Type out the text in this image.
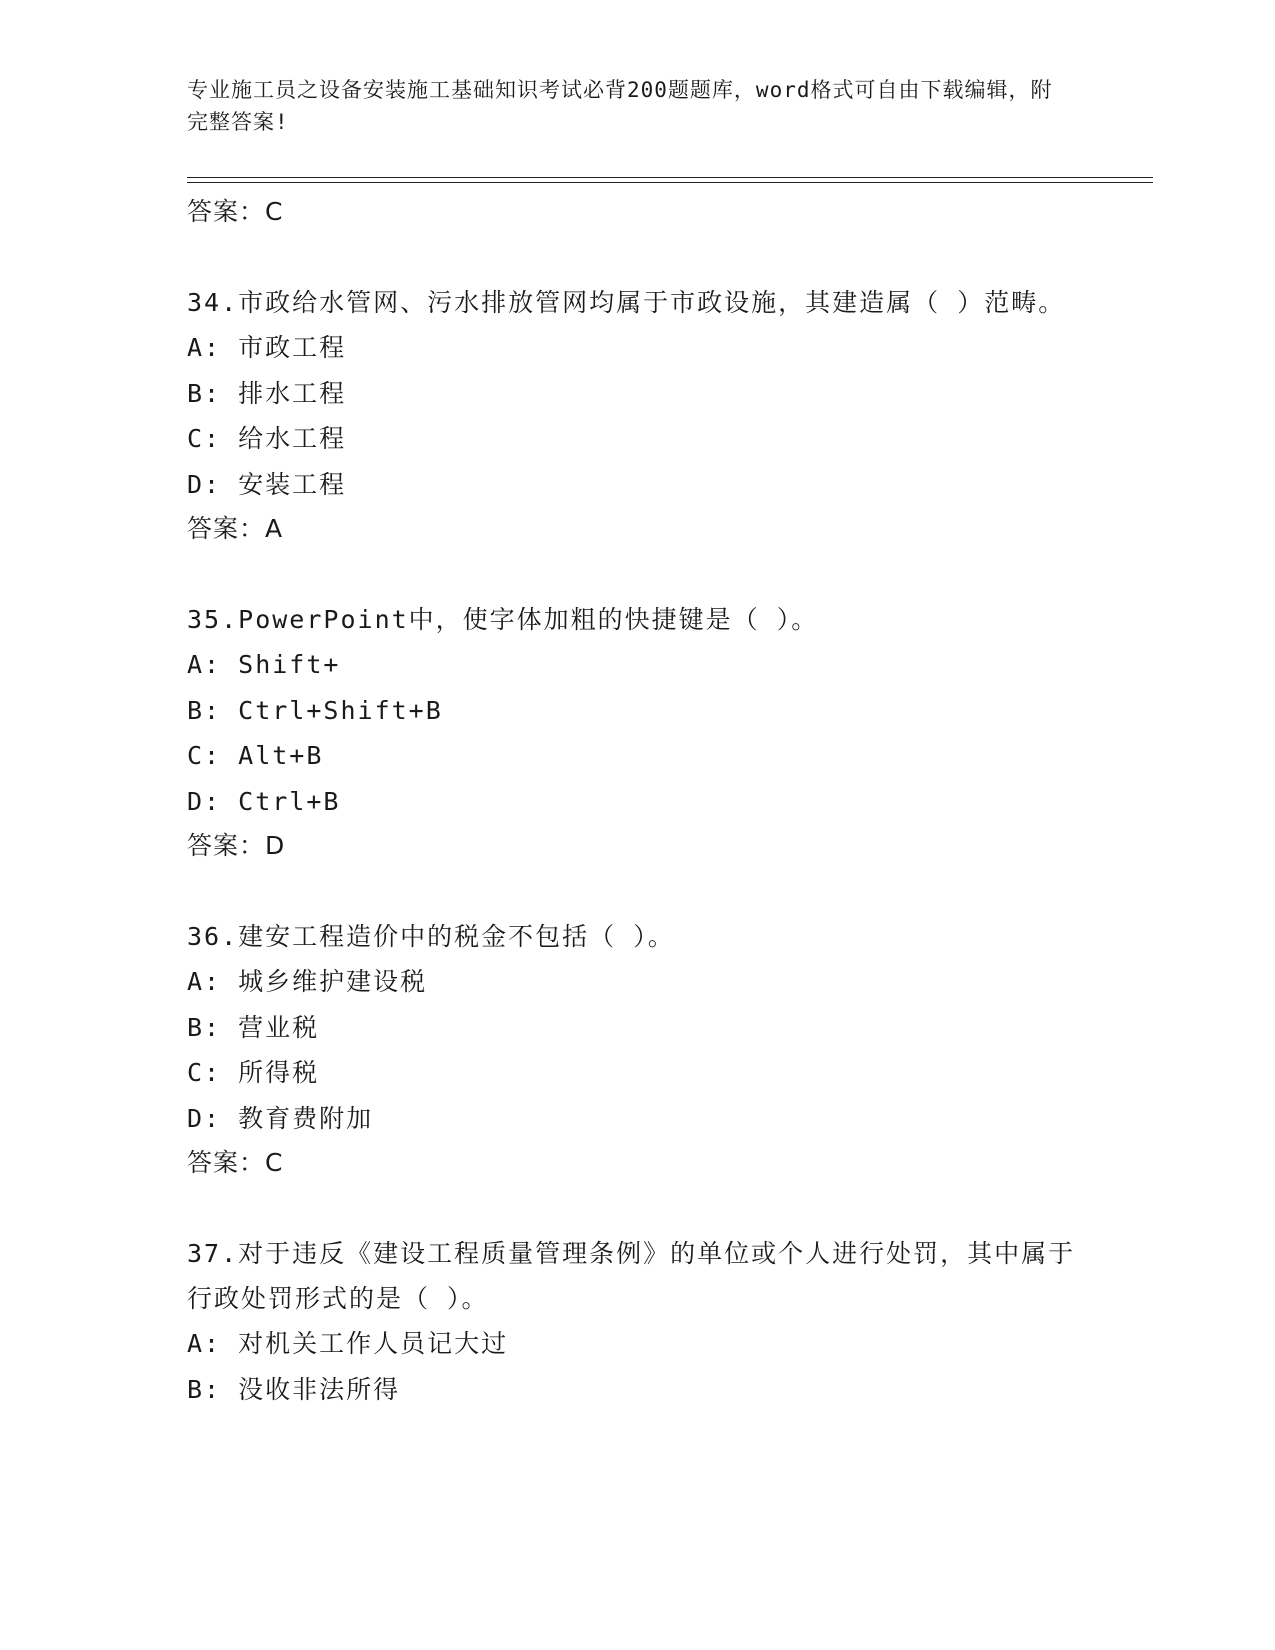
专业施工员之设备安装施工基础知识考试必背200题题库，word格式可自由下载编辑，附完整答案!
答案：C
34.市政给水管网、污水排放管网均属于市政设施，其建造属（ ）范畴。
A: 市政工程
B: 排水工程
C: 给水工程
D: 安装工程
答案：A
35.PowerPoint中，使字体加粗的快捷键是（ ）。
A: Shift+
B: Ctrl+Shift+B
C: Alt+B
D: Ctrl+B
答案：D
36.建安工程造价中的税金不包括（ ）。
A: 城乡维护建设税
B: 营业税
C: 所得税
D: 教育费附加
答案：C
37.对于违反《建设工程质量管理条例》的单位或个人进行处罚，其中属于行政处罚形式的是（ ）。
A: 对机关工作人员记大过
B: 没收非法所得
